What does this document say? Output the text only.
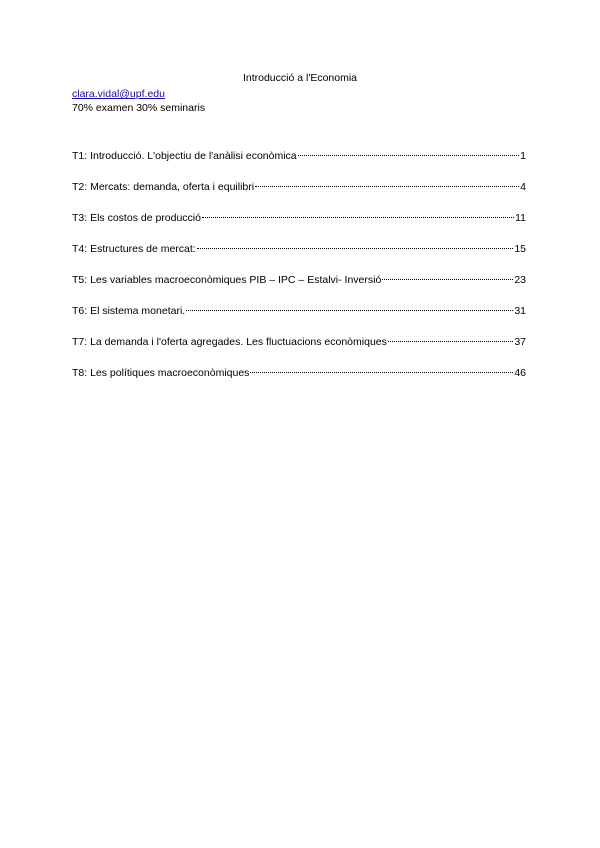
Introducció a l'Economia
clara.vidal@upf.edu
70% examen 30% seminaris
T1: Introducció. L'objectiu de l'anàlisi econòmica	1
T2: Mercats: demanda, oferta i equilibri	4
T3: Els costos de producció	11
T4: Estructures de mercat:	15
T5: Les variables macroeconòmiques PIB – IPC – Estalvi- Inversió	23
T6: El sistema monetari.	31
T7: La demanda i l'oferta agregades. Les fluctuacions econòmiques	37
T8: Les polítiques macroeconòmiques	46
